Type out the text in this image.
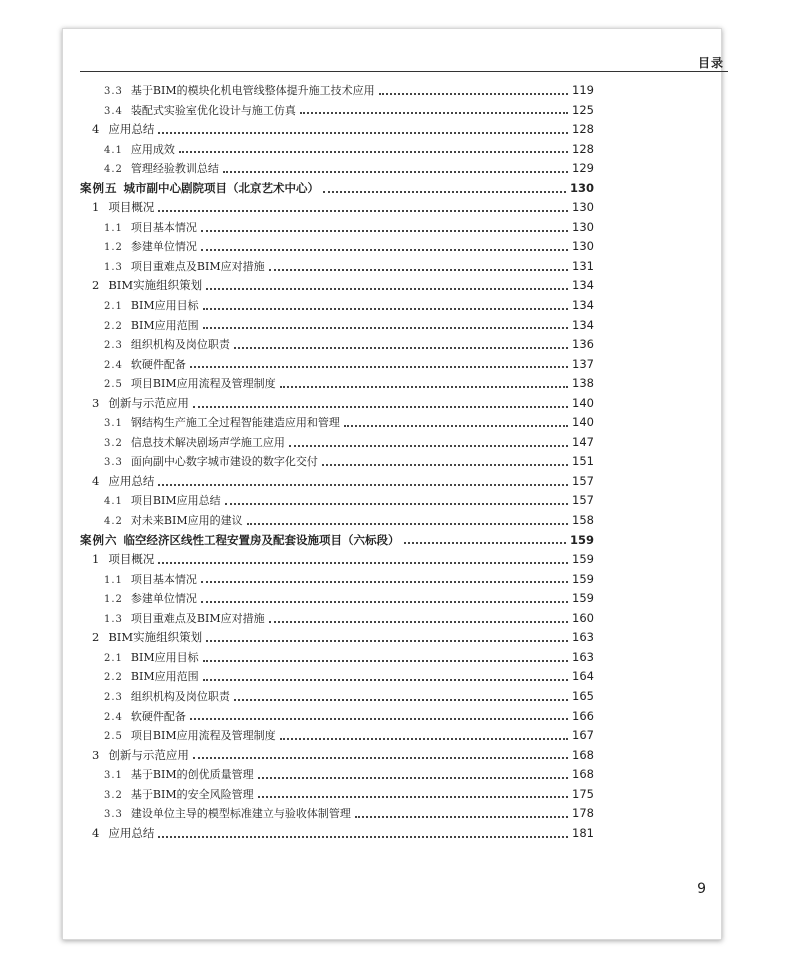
目录
3.3 基于BIM的模块化机电管线整体提升施工技术应用	119
3.4 装配式实验室优化设计与施工仿真	125
4 应用总结	128
4.1 应用成效	128
4.2 管理经验教训总结	129
案例五 城市副中心剧院项目（北京艺术中心）	130
1 项目概况	130
1.1 项目基本情况	130
1.2 参建单位情况	130
1.3 项目重难点及BIM应对措施	131
2 BIM实施组织策划	134
2.1 BIM应用目标	134
2.2 BIM应用范围	134
2.3 组织机构及岗位职责	136
2.4 软硬件配备	137
2.5 项目BIM应用流程及管理制度	138
3 创新与示范应用	140
3.1 钢结构生产施工全过程智能建造应用和管理	140
3.2 信息技术解决剧场声学施工应用	147
3.3 面向副中心数字城市建设的数字化交付	151
4 应用总结	157
4.1 项目BIM应用总结	157
4.2 对未来BIM应用的建议	158
案例六 临空经济区线性工程安置房及配套设施项目（六标段）	159
1 项目概况	159
1.1 项目基本情况	159
1.2 参建单位情况	159
1.3 项目重难点及BIM应对措施	160
2 BIM实施组织策划	163
2.1 BIM应用目标	163
2.2 BIM应用范围	164
2.3 组织机构及岗位职责	165
2.4 软硬件配备	166
2.5 项目BIM应用流程及管理制度	167
3 创新与示范应用	168
3.1 基于BIM的创优质量管理	168
3.2 基于BIM的安全风险管理	175
3.3 建设单位主导的模型标准建立与验收体制管理	178
4 应用总结	181
9
